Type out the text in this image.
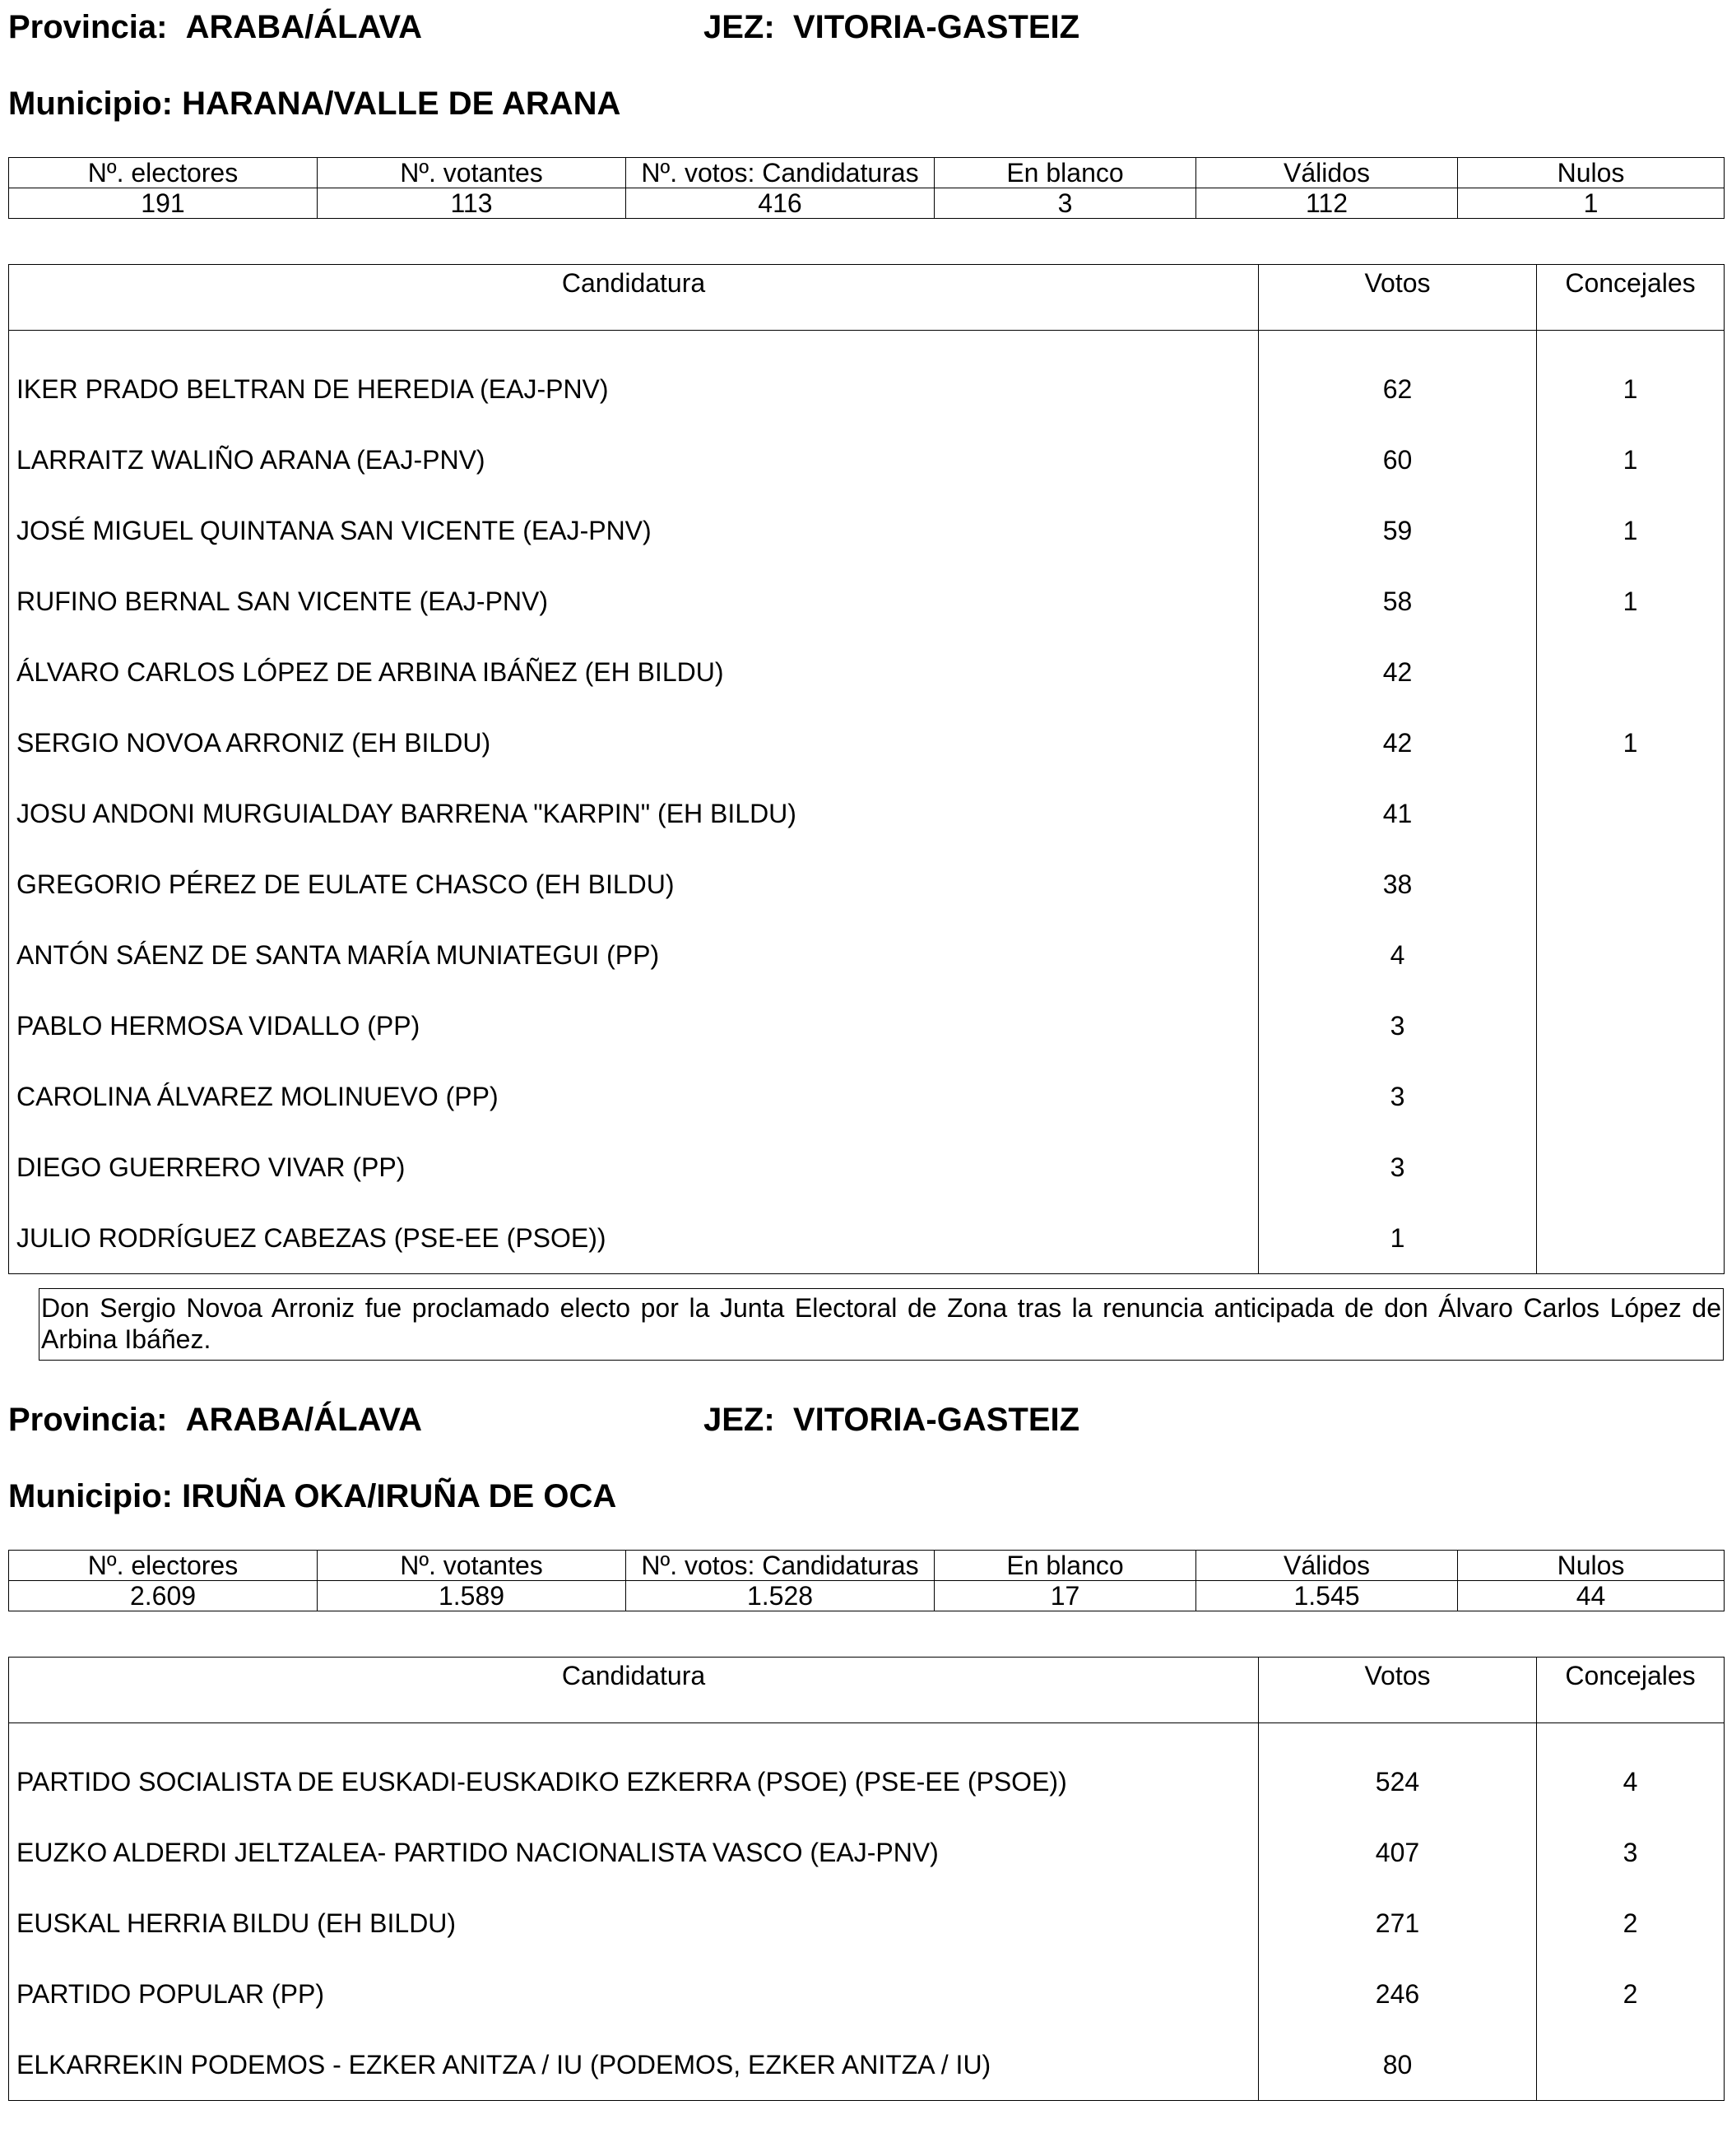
Provincia: ARABA/ÁLAVA	JEZ: VITORIA-GASTEIZ
Municipio: HARANA/VALLE DE ARANA
Nº. electores	Nº. votantes	Nº. votos: Candidaturas	En blanco	Válidos	Nulos
191	113	416	3	112	1
Candidatura	Votos	Concejales

IKER PRADO BELTRAN DE HEREDIA (EAJ-PNV)	62	1
LARRAITZ WALIÑO ARANA (EAJ-PNV)	60	1
JOSÉ MIGUEL QUINTANA SAN VICENTE (EAJ-PNV)	59	1
RUFINO BERNAL SAN VICENTE (EAJ-PNV)	58	1
ÁLVARO CARLOS LÓPEZ DE ARBINA IBÁÑEZ (EH BILDU)	42	
SERGIO NOVOA ARRONIZ (EH BILDU)	42	1
JOSU ANDONI MURGUIALDAY BARRENA "KARPIN" (EH BILDU)	41	
GREGORIO PÉREZ DE EULATE CHASCO (EH BILDU)	38	
ANTÓN SÁENZ DE SANTA MARÍA MUNIATEGUI (PP)	4	
PABLO HERMOSA VIDALLO (PP)	3	
CAROLINA ÁLVAREZ MOLINUEVO (PP)	3	
DIEGO GUERRERO VIVAR (PP)	3	
JULIO RODRÍGUEZ CABEZAS (PSE-EE (PSOE))	1	
Don Sergio Novoa Arroniz fue proclamado electo por la Junta Electoral de Zona tras la renuncia anticipada de don Álvaro Carlos López de Arbina Ibáñez.
Provincia: ARABA/ÁLAVA	JEZ: VITORIA-GASTEIZ
Municipio: IRUÑA OKA/IRUÑA DE OCA
Nº. electores	Nº. votantes	Nº. votos: Candidaturas	En blanco	Válidos	Nulos
2.609	1.589	1.528	17	1.545	44
Candidatura	Votos	Concejales

PARTIDO SOCIALISTA DE EUSKADI-EUSKADIKO EZKERRA (PSOE) (PSE-EE (PSOE))	524	4
EUZKO ALDERDI JELTZALEA- PARTIDO NACIONALISTA VASCO (EAJ-PNV)	407	3
EUSKAL HERRIA BILDU (EH BILDU)	271	2
PARTIDO POPULAR (PP)	246	2
ELKARREKIN PODEMOS - EZKER ANITZA / IU (PODEMOS, EZKER ANITZA / IU)	80	
